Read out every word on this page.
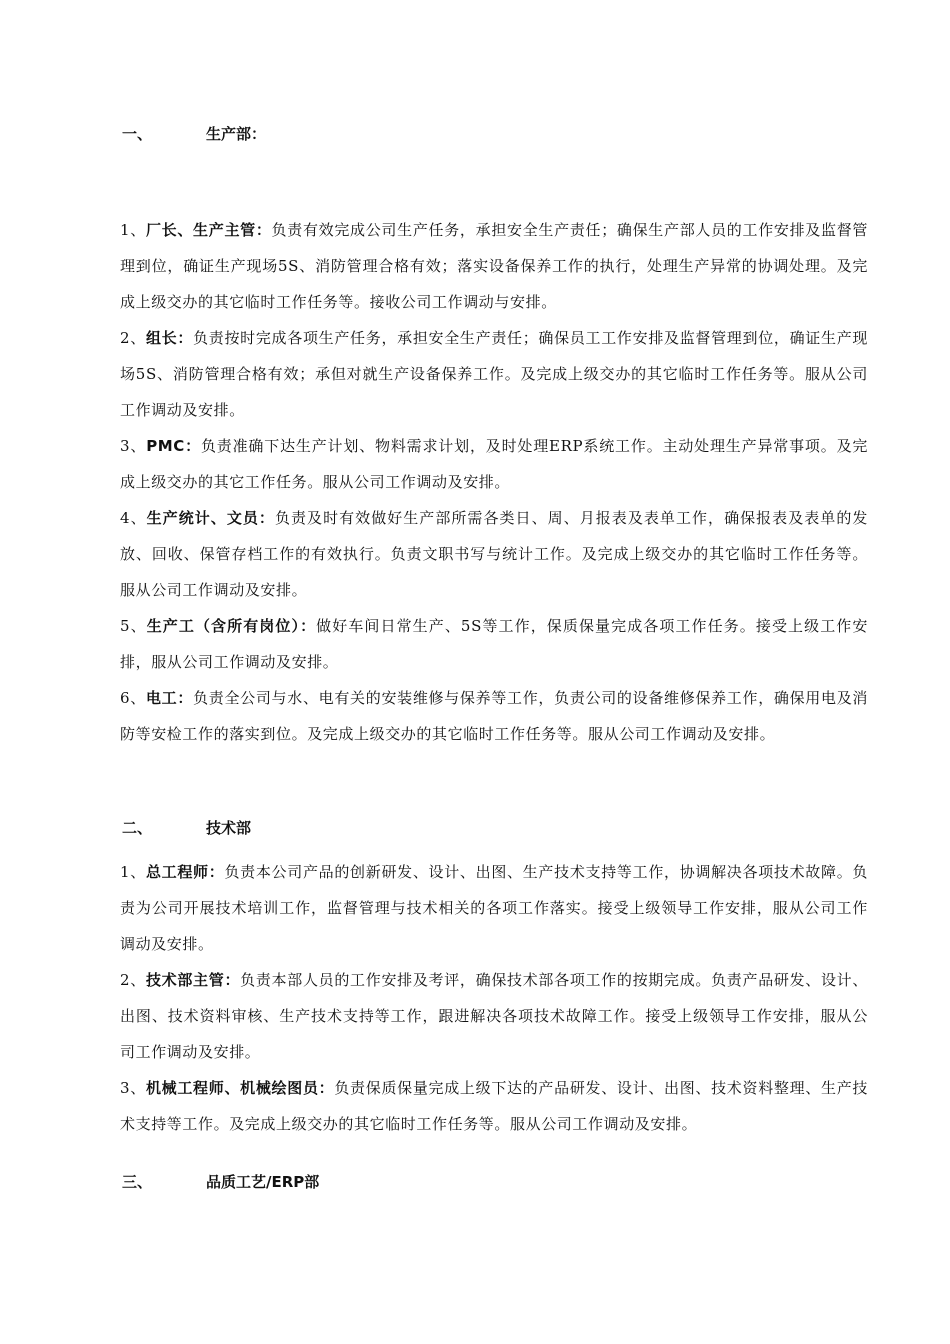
一、	生产部：
1、厂长、生产主管：负责有效完成公司生产任务，承担安全生产责任；确保生产部人员的工作安排及监督管理到位，确证生产现场5S、消防管理合格有效；落实设备保养工作的执行，处理生产异常的协调处理。及完成上级交办的其它临时工作任务等。接收公司工作调动与安排。
2、组长：负责按时完成各项生产任务，承担安全生产责任；确保员工工作安排及监督管理到位，确证生产现场5S、消防管理合格有效；承但对就生产设备保养工作。及完成上级交办的其它临时工作任务等。服从公司工作调动及安排。
3、PMC：负责准确下达生产计划、物料需求计划，及时处理ERP系统工作。主动处理生产异常事项。及完成上级交办的其它工作任务。服从公司工作调动及安排。
4、生产统计、文员：负责及时有效做好生产部所需各类日、周、月报表及表单工作，确保报表及表单的发放、回收、保管存档工作的有效执行。负责文职书写与统计工作。及完成上级交办的其它临时工作任务等。服从公司工作调动及安排。
5、生产工（含所有岗位）：做好车间日常生产、5S等工作，保质保量完成各项工作任务。接受上级工作安排，服从公司工作调动及安排。
6、电工：负责全公司与水、电有关的安装维修与保养等工作，负责公司的设备维修保养工作，确保用电及消防等安检工作的落实到位。及完成上级交办的其它临时工作任务等。服从公司工作调动及安排。
二、	技术部
1、总工程师：负责本公司产品的创新研发、设计、出图、生产技术支持等工作，协调解决各项技术故障。负责为公司开展技术培训工作，监督管理与技术相关的各项工作落实。接受上级领导工作安排，服从公司工作调动及安排。
2、技术部主管：负责本部人员的工作安排及考评，确保技术部各项工作的按期完成。负责产品研发、设计、出图、技术资料审核、生产技术支持等工作，跟进解决各项技术故障工作。接受上级领导工作安排，服从公司工作调动及安排。
3、机械工程师、机械绘图员：负责保质保量完成上级下达的产品研发、设计、出图、技术资料整理、生产技术支持等工作。及完成上级交办的其它临时工作任务等。服从公司工作调动及安排。
三、	品质工艺/ERP部
